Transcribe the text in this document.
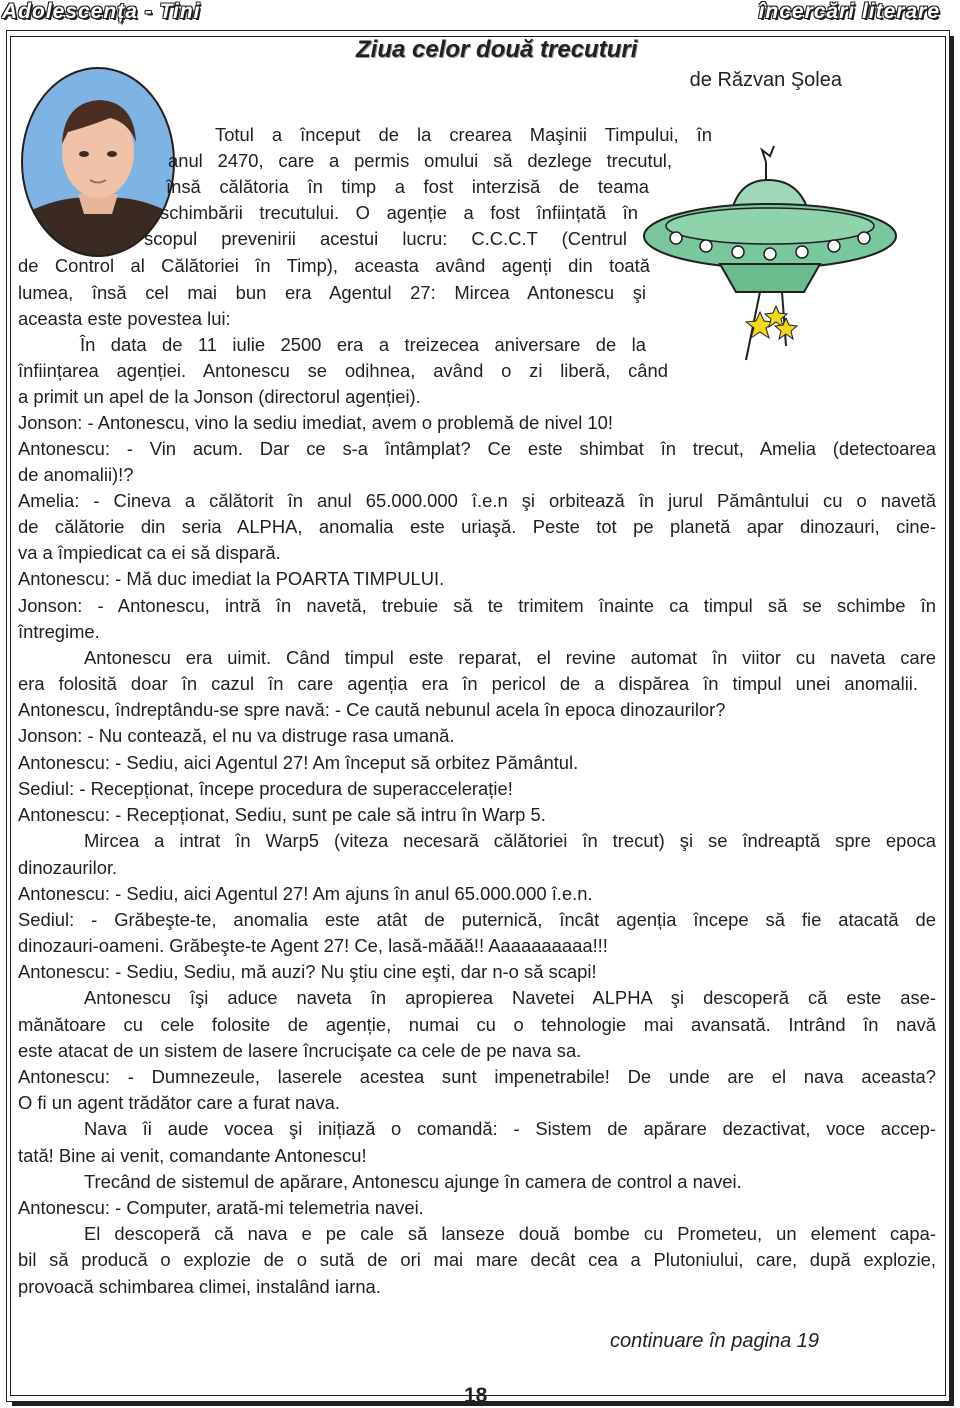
Adolescența - Tini	încercări literare
Ziua celor două trecuturi
de Răzvan Şolea

Totul a început de la crearea Maşinii Timpului, în

anul 2470, care a permis omului să dezlege trecutul,

însă călătoria în timp a fost interzisă de teama

schimbării trecutului. O agenție a fost înființată în

scopul prevenirii acestui lucru: C.C.C.T (Centrul

de Control al Călătoriei în Timp), aceasta având agenți din toată

lumea, însă cel mai bun era Agentul 27: Mircea Antonescu şi

aceasta este povestea lui:

În data de 11 iulie 2500 era a treizecea aniversare de la

înființarea agenției. Antonescu se odihnea, având o zi liberă, când

a primit un apel de la Jonson (directorul agenției).

Jonson: - Antonescu, vino la sediu imediat, avem o problemă de nivel 10!

Antonescu: - Vin acum. Dar ce s-a întâmplat? Ce este shimbat în trecut, Amelia (detectoarea

de anomalii)!?

Amelia: - Cineva a călătorit în anul 65.000.000 î.e.n şi orbitează în jurul Pământului cu o navetă

de călătorie din seria ALPHA, anomalia este uriaşă. Peste tot pe planetă apar dinozauri, cine-

va a împiedicat ca ei să dispară.

Antonescu: - Mă duc imediat la POARTA TIMPULUI.

Jonson: - Antonescu, intră în navetă, trebuie să te trimitem înainte ca timpul să se schimbe în

întregime.

Antonescu era uimit. Când timpul este reparat, el revine automat în viitor cu naveta care

era folosită doar în cazul în care agenția era în pericol de a dispărea în timpul unei anomalii.

Antonescu, îndreptându-se spre navă: - Ce caută nebunul acela în epoca dinozaurilor?

Jonson: - Nu contează, el nu va distruge rasa umană.

Antonescu: - Sediu, aici Agentul 27! Am început să orbitez Pământul.

Sediul: - Recepționat, începe procedura de superaccelerație!

Antonescu: - Recepționat, Sediu, sunt pe cale să intru în Warp 5.

Mircea a intrat în Warp5 (viteza necesară călătoriei în trecut) şi se îndreaptă spre epoca

dinozaurilor.

Antonescu: - Sediu, aici Agentul 27! Am ajuns în anul 65.000.000 î.e.n.

Sediul: - Grăbeşte-te, anomalia este atât de puternică, încât agenția începe să fie atacată de

dinozauri-oameni. Grăbeşte-te Agent 27! Ce, lasă-măăă!! Aaaaaaaaaa!!!

Antonescu: - Sediu, Sediu, mă auzi? Nu ştiu cine eşti, dar n-o să scapi!

Antonescu îşi aduce naveta în apropierea Navetei ALPHA şi descoperă că este ase-

mănătoare cu cele folosite de agenție, numai cu o tehnologie mai avansată. Intrând în navă

este atacat de un sistem de lasere încrucişate ca cele de pe nava sa.

Antonescu: - Dumnezeule, laserele acestea sunt impenetrabile! De unde are el nava aceasta?

O fi un agent trădător care a furat nava.

Nava îi aude vocea şi inițiază o comandă: - Sistem de apărare dezactivat, voce accep-

tată! Bine ai venit, comandante Antonescu!

Trecând de sistemul de apărare, Antonescu ajunge în camera de control a navei.

Antonescu: - Computer, arată-mi telemetria navei.

El descoperă că nava e pe cale să lanseze două bombe cu Prometeu, un element capa-

bil să producă o explozie de o sută de ori mai mare decât cea a Plutoniului, care, după explozie,

provoacă schimbarea climei, instalând iarna.

continuare în pagina 19
18
